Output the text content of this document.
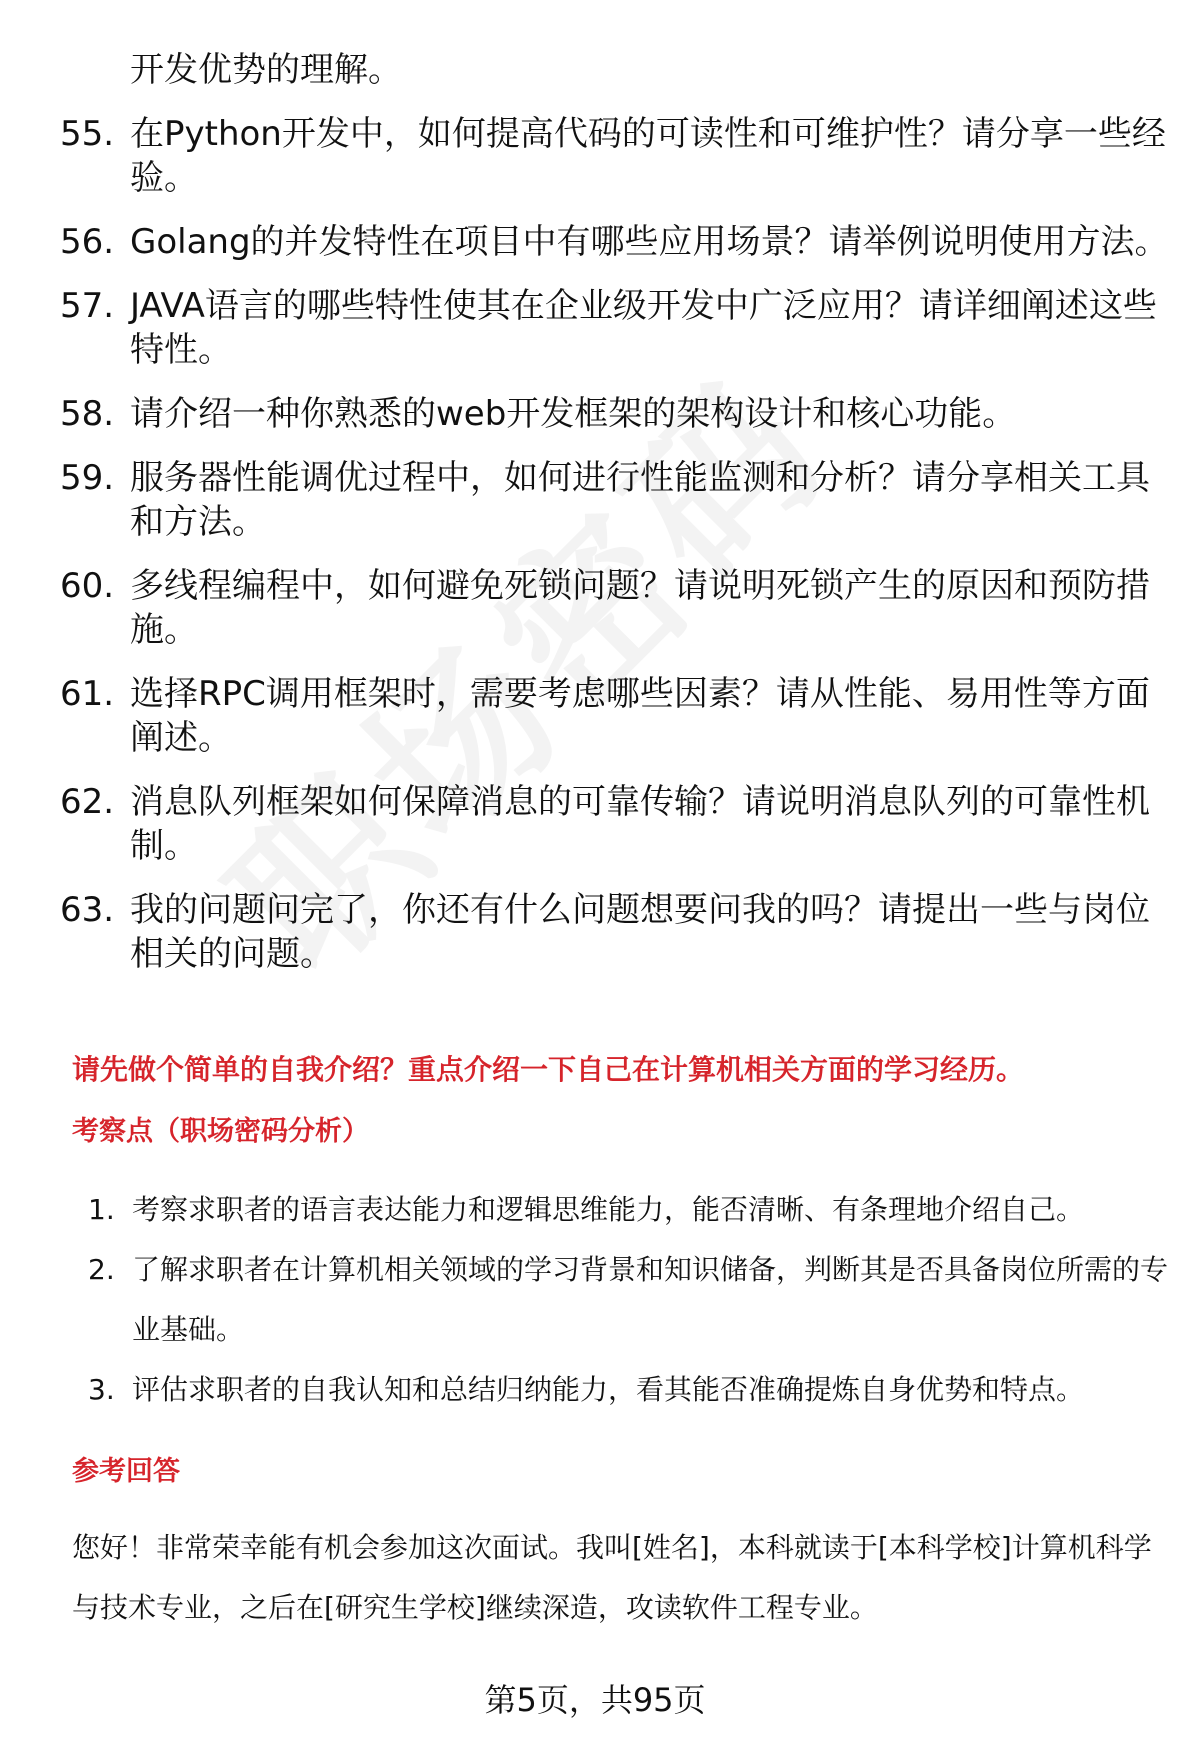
开发优势的理解。
55. 在Python开发中，如何提高代码的可读性和可维护性？请分享一些经验。
56. Golang的并发特性在项目中有哪些应用场景？请举例说明使用方法。
57. JAVA语言的哪些特性使其在企业级开发中广泛应用？请详细阐述这些特性。
58. 请介绍一种你熟悉的web开发框架的架构设计和核心功能。
59. 服务器性能调优过程中，如何进行性能监测和分析？请分享相关工具和方法。
60. 多线程编程中，如何避免死锁问题？请说明死锁产生的原因和预防措施。
61. 选择RPC调用框架时，需要考虑哪些因素？请从性能、易用性等方面阐述。
62. 消息队列框架如何保障消息的可靠传输？请说明消息队列的可靠性机制。
63. 我的问题问完了，你还有什么问题想要问我的吗？请提出一些与岗位相关的问题。
请先做个简单的自我介绍？重点介绍一下自己在计算机相关方面的学习经历。
考察点（职场密码分析）
1. 考察求职者的语言表达能力和逻辑思维能力，能否清晰、有条理地介绍自己。
2. 了解求职者在计算机相关领域的学习背景和知识储备，判断其是否具备岗位所需的专业基础。
3. 评估求职者的自我认知和总结归纳能力，看其能否准确提炼自身优势和特点。
参考回答
您好！非常荣幸能有机会参加这次面试。我叫[姓名]，本科就读于[本科学校]计算机科学与技术专业，之后在[研究生学校]继续深造，攻读软件工程专业。
第5页，共95页
